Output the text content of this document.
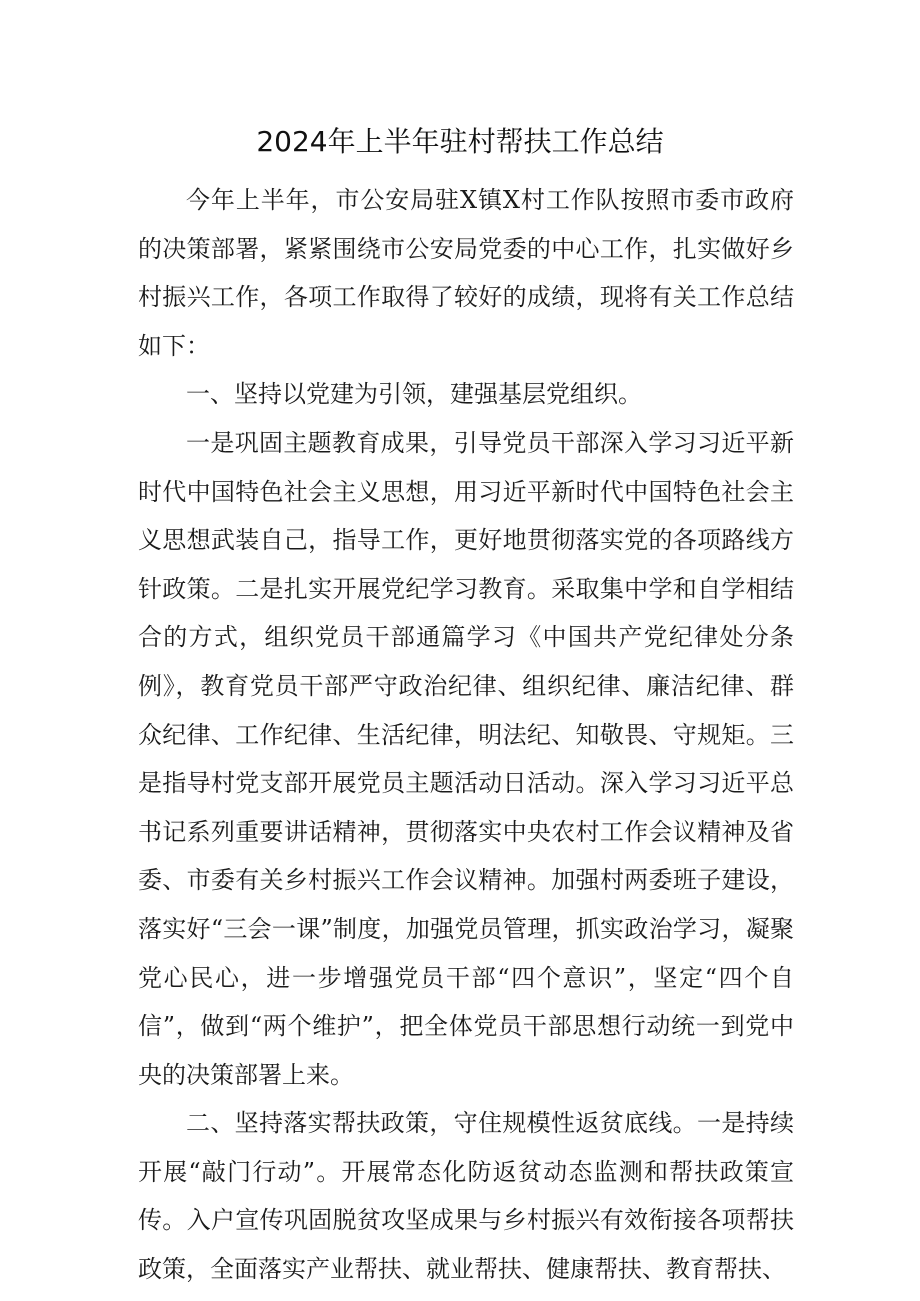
2024年上半年驻村帮扶工作总结

今年上半年，市公安局驻X镇X村工作队按照市委市政府的决策部署，紧紧围绕市公安局党委的中心工作，扎实做好乡村振兴工作，各项工作取得了较好的成绩，现将有关工作总结如下：

一、坚持以党建为引领，建强基层党组织。

一是巩固主题教育成果，引导党员干部深入学习习近平新时代中国特色社会主义思想，用习近平新时代中国特色社会主义思想武装自己，指导工作，更好地贯彻落实党的各项路线方针政策。二是扎实开展党纪学习教育。采取集中学和自学相结合的方式，组织党员干部通篇学习《中国共产党纪律处分条例》，教育党员干部严守政治纪律、组织纪律、廉洁纪律、群众纪律、工作纪律、生活纪律，明法纪、知敬畏、守规矩。三是指导村党支部开展党员主题活动日活动。深入学习习近平总书记系列重要讲话精神，贯彻落实中央农村工作会议精神及省委、市委有关乡村振兴工作会议精神。加强村两委班子建设，落实好“三会一课”制度，加强党员管理，抓实政治学习，凝聚党心民心，进一步增强党员干部“四个意识”，坚定“四个自信”，做到“两个维护”，把全体党员干部思想行动统一到党中央的决策部署上来。

二、坚持落实帮扶政策，守住规模性返贫底线。一是持续开展“敲门行动”。开展常态化防返贫动态监测和帮扶政策宣传。入户宣传巩固脱贫攻坚成果与乡村振兴有效衔接各项帮扶政策，全面落实产业帮扶、就业帮扶、健康帮扶、教育帮扶、
